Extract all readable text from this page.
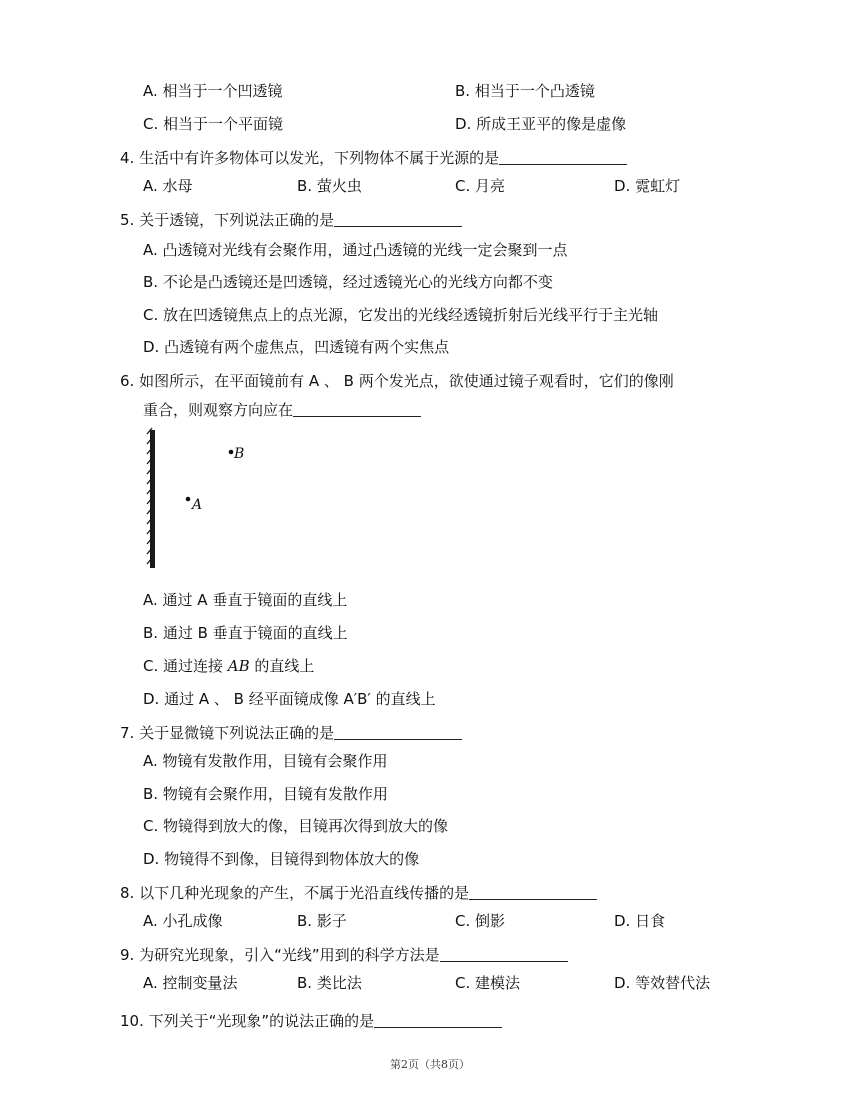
A. 相当于一个凹透镜	B. 相当于一个凸透镜
C. 相当于一个平面镜	D. 所成王亚平的像是虚像
4. 生活中有许多物体可以发光，下列物体不属于光源的是
A. 水母	B. 萤火虫	C. 月亮	D. 霓虹灯
5. 关于透镜，下列说法正确的是
A. 凸透镜对光线有会聚作用，通过凸透镜的光线一定会聚到一点
B. 不论是凸透镜还是凹透镜，经过透镜光心的光线方向都不变
C. 放在凹透镜焦点上的点光源，它发出的光线经透镜折射后光线平行于主光轴
D. 凸透镜有两个虚焦点，凹透镜有两个实焦点
6. 如图所示，在平面镜前有 A 、 B 两个发光点，欲使通过镜子观看时，它们的像刚
重合，则观察方向应在
B
A
A. 通过 A 垂直于镜面的直线上
B. 通过 B 垂直于镜面的直线上
C. 通过连接 AB 的直线上
D. 通过 A 、 B 经平面镜成像 A′B′ 的直线上
7. 关于显微镜下列说法正确的是
A. 物镜有发散作用，目镜有会聚作用
B. 物镜有会聚作用，目镜有发散作用
C. 物镜得到放大的像，目镜再次得到放大的像
D. 物镜得不到像，目镜得到物体放大的像
8. 以下几种光现象的产生，不属于光沿直线传播的是
A. 小孔成像	B. 影子	C. 倒影	D. 日食
9. 为研究光现象，引入“光线”用到的科学方法是
A. 控制变量法	B. 类比法	C. 建模法	D. 等效替代法
10. 下列关于“光现象”的说法正确的是
第2页（共8页）
